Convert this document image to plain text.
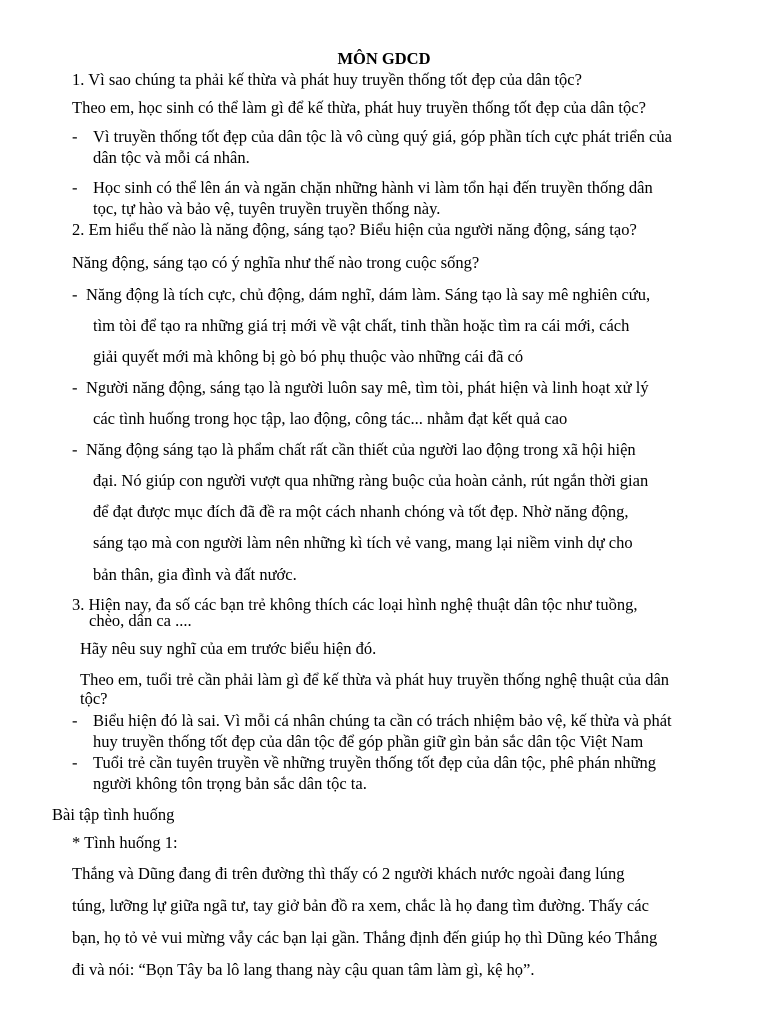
MÔN GDCD
1. Vì sao chúng ta phải kế thừa và phát huy truyền thống tốt đẹp của dân tộc?
Theo em, học sinh có thể làm gì để kế thừa, phát huy truyền thống tốt đẹp của dân tộc?
- Vì truyền thống tốt đẹp của dân tộc là vô cùng quý giá, góp phần tích cực phát triển của
dân tộc và mỗi cá nhân.
- Học sinh có thể lên án và ngăn chặn những hành vi làm tổn hại đến truyền thống dân
tọc, tự hào và bảo vệ, tuyên truyền truyền thống này.
2. Em hiểu thế nào là năng động, sáng tạo? Biểu hiện của người năng động, sáng tạo?
Năng động, sáng tạo có ý nghĩa như thế nào trong cuộc sống?
- Năng động là tích cực, chủ động, dám nghĩ, dám làm. Sáng tạo là say mê nghiên cứu,
tìm tòi để tạo ra những giá trị mới về vật chất, tinh thần hoặc tìm ra cái mới, cách
giải quyết mới mà không bị gò bó phụ thuộc vào những cái đã có
- Người năng động, sáng tạo là người luôn say mê, tìm tòi, phát hiện và linh hoạt xử lý
các tình huống trong học tập, lao động, công tác... nhằm đạt kết quả cao
- Năng động sáng tạo là phẩm chất rất cần thiết của người lao động trong xã hội hiện
đại. Nó giúp con người vượt qua những ràng buộc của hoàn cảnh, rút ngắn thời gian
để đạt được mục đích đã đề ra một cách nhanh chóng và tốt đẹp. Nhờ năng động,
sáng tạo mà con người làm nên những kì tích vẻ vang, mang lại niềm vinh dự cho
bản thân, gia đình và đất nước.
3. Hiện nay, đa số các bạn trẻ không thích các loại hình nghệ thuật dân tộc như tuồng,
chèo, dân ca ....
Hãy nêu suy nghĩ của em trước biểu hiện đó.
Theo em, tuổi trẻ cần phải làm gì để kế thừa và phát huy truyền thống nghệ thuật của dân
tộc?
- Biểu hiện đó là sai. Vì mỗi cá nhân chúng ta cần có trách nhiệm bảo vệ, kế thừa và phát
huy truyền thống tốt đẹp của dân tộc để góp phần giữ gìn bản sắc dân tộc Việt Nam
- Tuổi trẻ cần tuyên truyền về những truyền thống tốt đẹp của dân tộc, phê phán những
người không tôn trọng bản sắc dân tộc ta.
Bài tập tình huống
* Tình huống 1:
Thắng và Dũng đang đi trên đường thì thấy có 2 người khách nước ngoài đang lúng
túng, lưỡng lự giữa ngã tư, tay giở bản đồ ra xem, chắc là họ đang tìm đường. Thấy các
bạn, họ tỏ vẻ vui mừng vẫy các bạn lại gần. Thắng định đến giúp họ thì Dũng kéo Thắng
đi và nói: “Bọn Tây ba lô lang thang này cậu quan tâm làm gì, kệ họ”.
